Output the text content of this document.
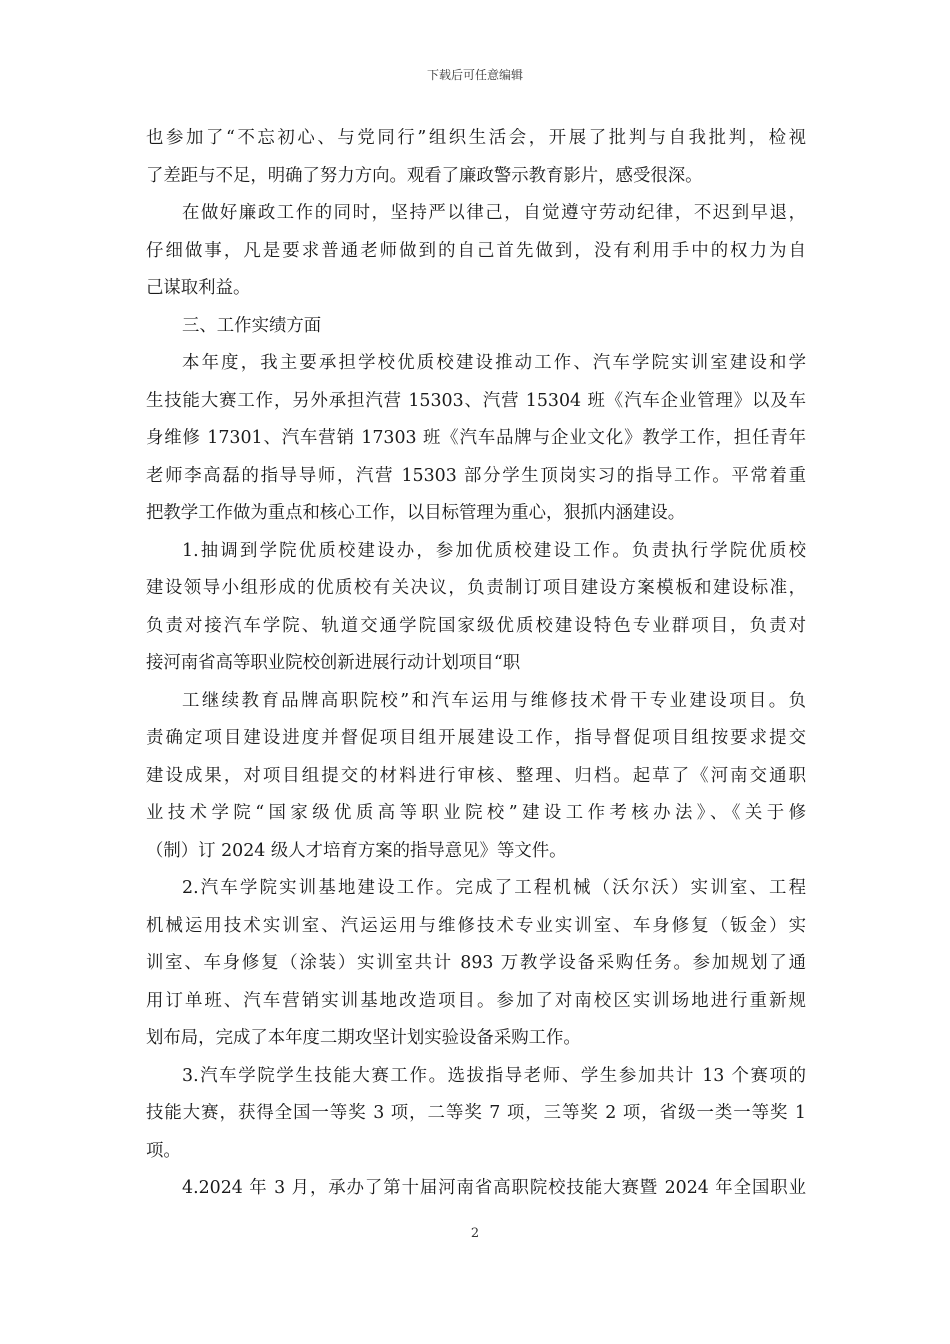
下载后可任意编辑
也参加了“不忘初心、与党同行”组织生活会，开展了批判与自我批判，检视
了差距与不足，明确了努力方向。观看了廉政警示教育影片，感受很深。
在做好廉政工作的同时，坚持严以律己，自觉遵守劳动纪律，不迟到早退，
仔细做事，凡是要求普通老师做到的自己首先做到，没有利用手中的权力为自
己谋取利益。
三、工作实绩方面
本年度，我主要承担学校优质校建设推动工作、汽车学院实训室建设和学
生技能大赛工作，另外承担汽营 15303、汽营 15304 班《汽车企业管理》以及车
身维修 17301、汽车营销 17303 班《汽车品牌与企业文化》教学工作，担任青年
老师李高磊的指导导师，汽营 15303 部分学生顶岗实习的指导工作。平常着重
把教学工作做为重点和核心工作，以目标管理为重心，狠抓内涵建设。
1.抽调到学院优质校建设办，参加优质校建设工作。负责执行学院优质校
建设领导小组形成的优质校有关决议，负责制订项目建设方案模板和建设标准，
负责对接汽车学院、轨道交通学院国家级优质校建设特色专业群项目，负责对
接河南省高等职业院校创新进展行动计划项目“职
工继续教育品牌高职院校”和汽车运用与维修技术骨干专业建设项目。负
责确定项目建设进度并督促项目组开展建设工作，指导督促项目组按要求提交
建设成果，对项目组提交的材料进行审核、整理、归档。起草了《河南交通职
业技术学院“国家级优质高等职业院校”建设工作考核办法》、《关于修
（制）订 2024 级人才培育方案的指导意见》等文件。
2.汽车学院实训基地建设工作。完成了工程机械（沃尔沃）实训室、工程
机械运用技术实训室、汽运运用与维修技术专业实训室、车身修复（钣金）实
训室、车身修复（涂装）实训室共计 893 万教学设备采购任务。参加规划了通
用订单班、汽车营销实训基地改造项目。参加了对南校区实训场地进行重新规
划布局，完成了本年度二期攻坚计划实验设备采购工作。
3.汽车学院学生技能大赛工作。选拔指导老师、学生参加共计 13 个赛项的
技能大赛，获得全国一等奖 3 项，二等奖 7 项，三等奖 2 项，省级一类一等奖 1
项。
4.2024 年 3 月，承办了第十届河南省高职院校技能大赛暨 2024 年全国职业
2
